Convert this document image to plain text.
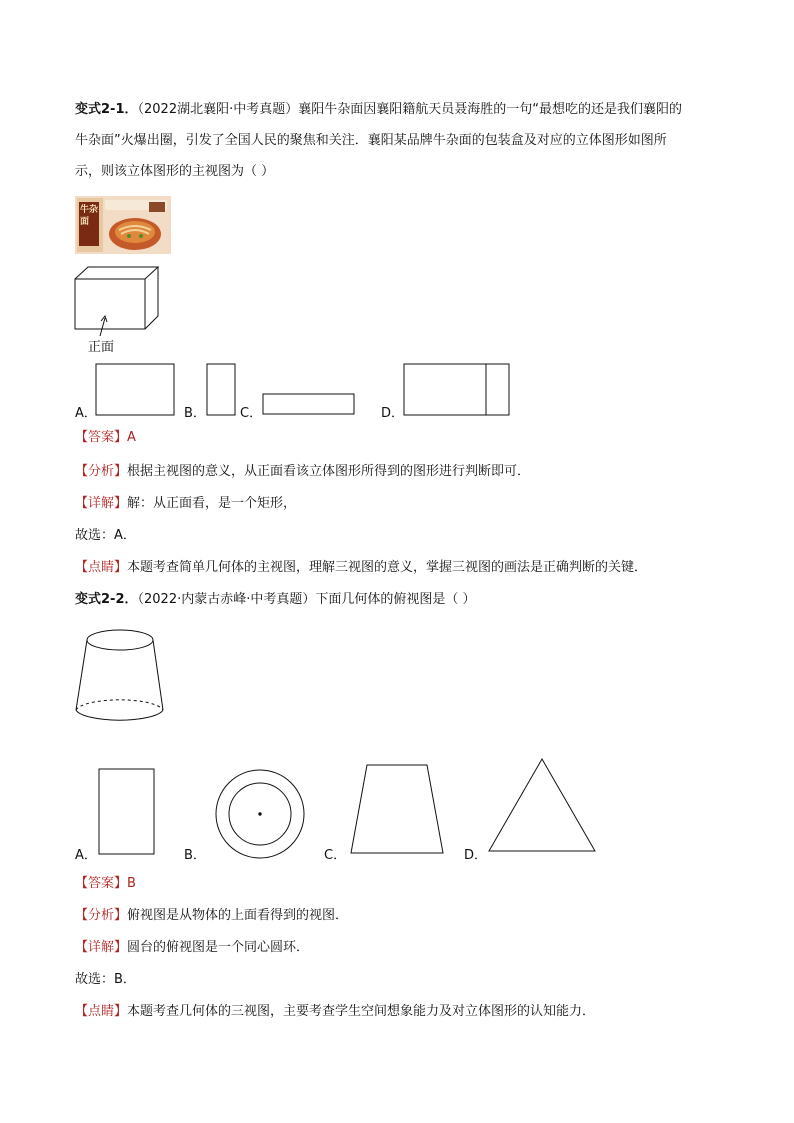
变式2-1．（2022湖北襄阳·中考真题）襄阳牛杂面因襄阳籍航天员聂海胜的一句“最想吃的还是我们襄阳的
牛杂面”火爆出圈，引发了全国人民的聚焦和关注．襄阳某品牌牛杂面的包装盒及对应的立体图形如图所
示，则该立体图形的主视图为（ ）
牛杂面
正面
A．	B．	C．	D．
【答案】A
【分析】根据主视图的意义，从正面看该立体图形所得到的图形进行判断即可．
【详解】解：从正面看，是一个矩形，
故选：A．
【点睛】本题考查简单几何体的主视图，理解三视图的意义，掌握三视图的画法是正确判断的关键．
变式2-2．（2022·内蒙古赤峰·中考真题）下面几何体的俯视图是（ ）
A．	B．	C．	D．
【答案】B
【分析】俯视图是从物体的上面看得到的视图．
【详解】圆台的俯视图是一个同心圆环．
故选：B．
【点睛】本题考查几何体的三视图，主要考查学生空间想象能力及对立体图形的认知能力．
